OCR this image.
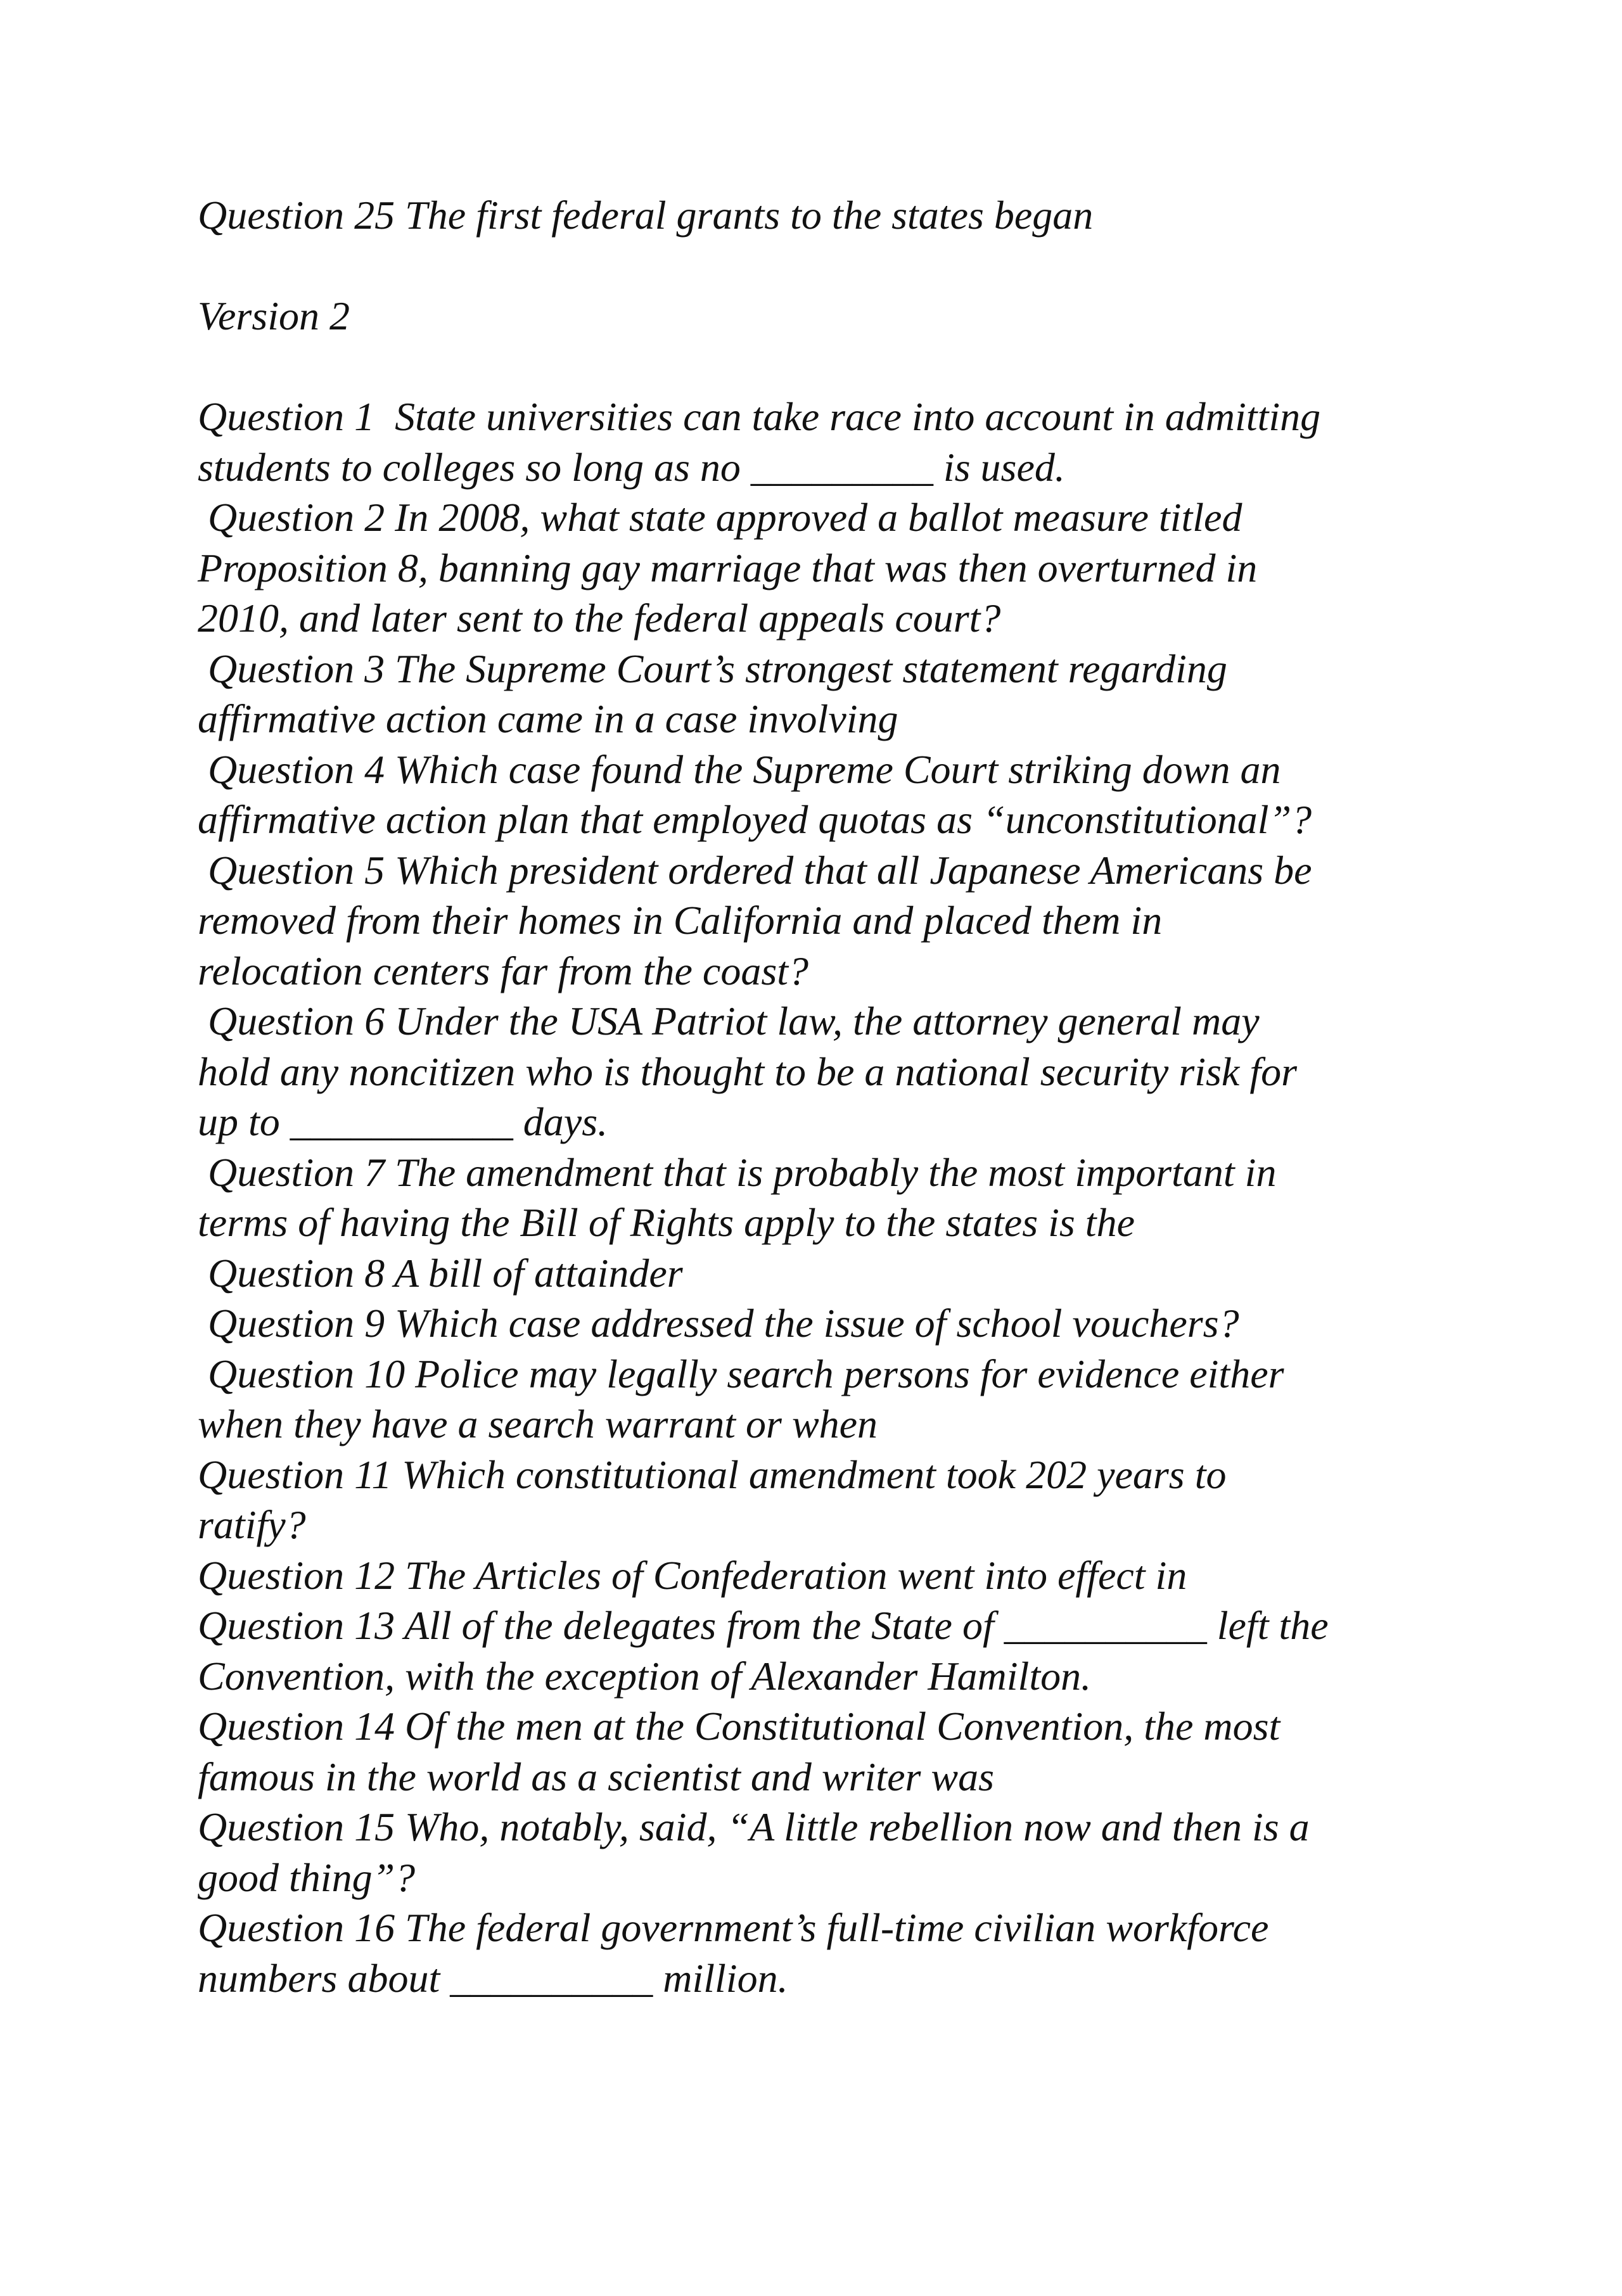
Question 25 The first federal grants to the states began

Version 2

Question 1  State universities can take race into account in admitting
students to colleges so long as no _________ is used.

Question 2 In 2008, what state approved a ballot measure titled
Proposition 8, banning gay marriage that was then overturned in
2010, and later sent to the federal appeals court?

Question 3 The Supreme Court’s strongest statement regarding
affirmative action came in a case involving

Question 4 Which case found the Supreme Court striking down an
affirmative action plan that employed quotas as “unconstitutional”?

Question 5 Which president ordered that all Japanese Americans be
removed from their homes in California and placed them in
relocation centers far from the coast?

Question 6 Under the USA Patriot law, the attorney general may
hold any noncitizen who is thought to be a national security risk for
up to ___________ days.

Question 7 The amendment that is probably the most important in
terms of having the Bill of Rights apply to the states is the

Question 8 A bill of attainder

Question 9 Which case addressed the issue of school vouchers?

Question 10 Police may legally search persons for evidence either
when they have a search warrant or when

Question 11 Which constitutional amendment took 202 years to
ratify?

Question 12 The Articles of Confederation went into effect in

Question 13 All of the delegates from the State of __________ left the
Convention, with the exception of Alexander Hamilton.

Question 14 Of the men at the Constitutional Convention, the most
famous in the world as a scientist and writer was

Question 15 Who, notably, said, “A little rebellion now and then is a
good thing”?

Question 16 The federal government’s full-time civilian workforce
numbers about __________ million.
